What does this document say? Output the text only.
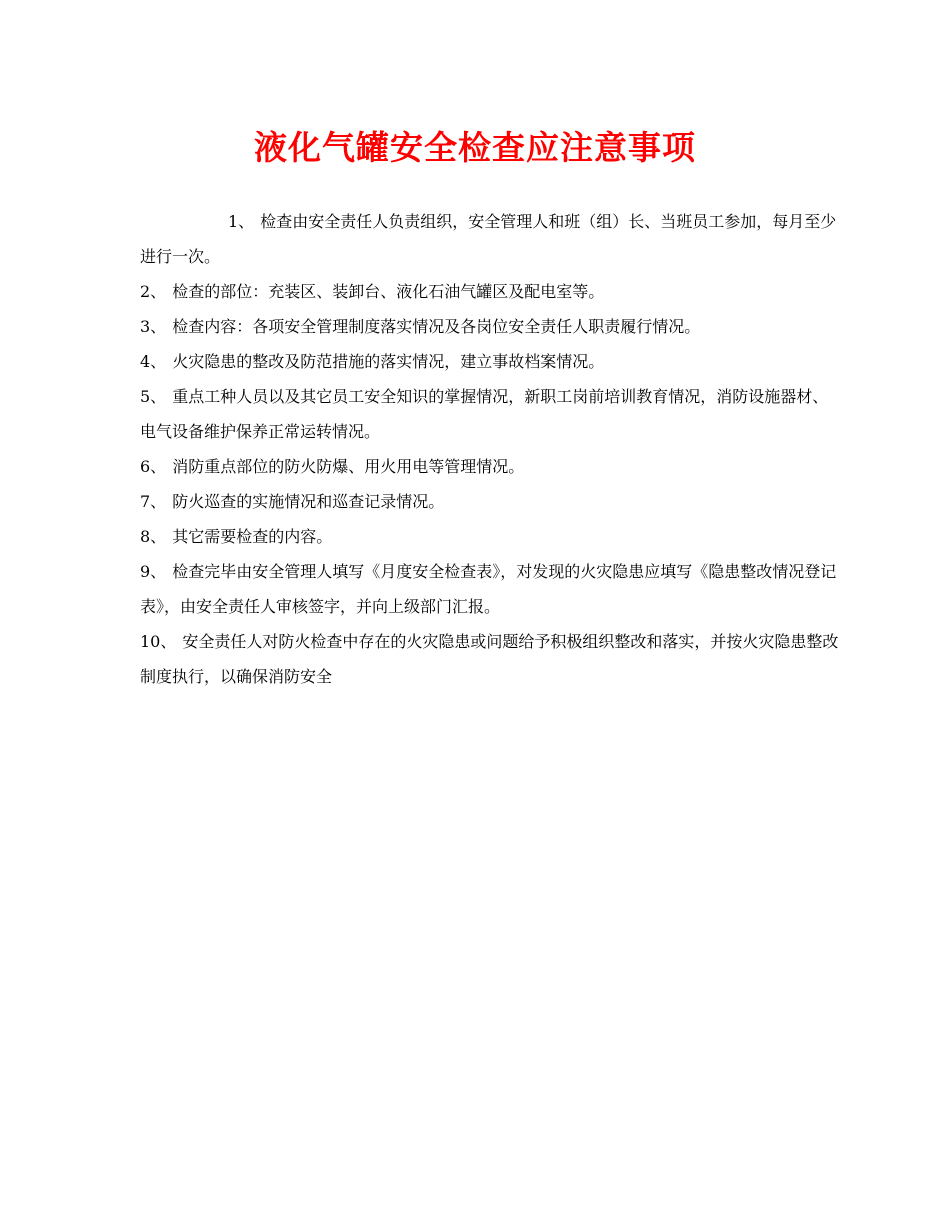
液化气罐安全检查应注意事项

1、 检查由安全责任人负责组织，安全管理人和班（组）长、当班员工参加，每月至少进行一次。

2、 检查的部位：充装区、装卸台、液化石油气罐区及配电室等。

3、 检查内容：各项安全管理制度落实情况及各岗位安全责任人职责履行情况。

4、 火灾隐患的整改及防范措施的落实情况，建立事故档案情况。

5、 重点工种人员以及其它员工安全知识的掌握情况，新职工岗前培训教育情况，消防设施器材、电气设备维护保养正常运转情况。

6、 消防重点部位的防火防爆、用火用电等管理情况。

7、 防火巡查的实施情况和巡查记录情况。

8、 其它需要检查的内容。

9、 检查完毕由安全管理人填写《月度安全检查表》，对发现的火灾隐患应填写《隐患整改情况登记表》，由安全责任人审核签字，并向上级部门汇报。

10、 安全责任人对防火检查中存在的火灾隐患或问题给予积极组织整改和落实，并按火灾隐患整改制度执行，以确保消防安全
